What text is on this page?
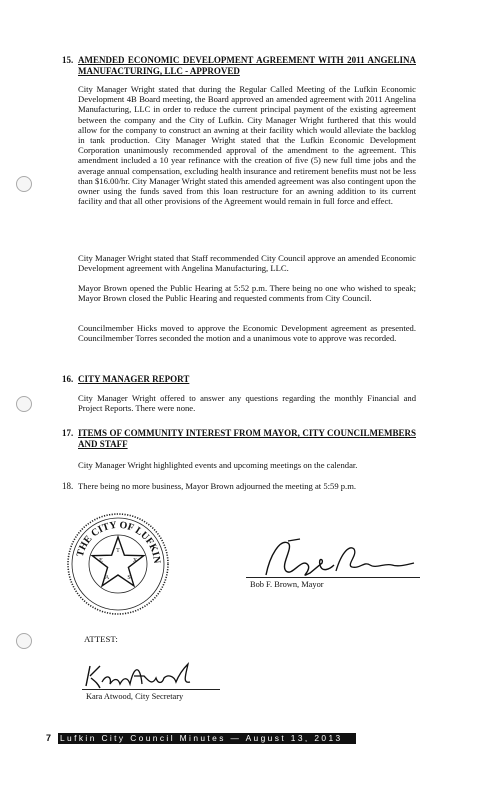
15. AMENDED ECONOMIC DEVELOPMENT AGREEMENT WITH 2011 ANGELINA MANUFACTURING, LLC - APPROVED

City Manager Wright stated that during the Regular Called Meeting of the Lufkin Economic Development 4B Board meeting, the Board approved an amended agreement with 2011 Angelina Manufacturing, LLC in order to reduce the current principal payment of the existing agreement between the company and the City of Lufkin. City Manager Wright furthered that this would allow for the company to construct an awning at their facility which would alleviate the backlog in tank production. City Manager Wright stated that the Lufkin Economic Development Corporation unanimously recommended approval of the amendment to the agreement. This amendment included a 10 year refinance with the creation of five (5) new full time jobs and the average annual compensation, excluding health insurance and retirement benefits must not be less than $16.00/hr. City Manager Wright stated this amended agreement was also contingent upon the owner using the funds saved from this loan restructure for an awning addition to its current facility and that all other provisions of the Agreement would remain in full force and effect.

City Manager Wright stated that Staff recommended City Council approve an amended Economic Development agreement with Angelina Manufacturing, LLC.

Mayor Brown opened the Public Hearing at 5:52 p.m. There being no one who wished to speak; Mayor Brown closed the Public Hearing and requested comments from City Council.

Councilmember Hicks moved to approve the Economic Development agreement as presented. Councilmember Torres seconded the motion and a unanimous vote to approve was recorded.

16. CITY MANAGER REPORT

City Manager Wright offered to answer any questions regarding the monthly Financial and Project Reports. There were none.

17. ITEMS OF COMMUNITY INTEREST FROM MAYOR, CITY COUNCILMEMBERS AND STAFF

City Manager Wright highlighted events and upcoming meetings on the calendar.

18. There being no more business, Mayor Brown adjourned the meeting at 5:59 p.m.
THE CITY OF LUFKIN
T
E	X
A	S
Bob F. Brown, Mayor
ATTEST:
Kara Atwood, City Secretary
7 Lufkin City Council Minutes — August 13, 2013
